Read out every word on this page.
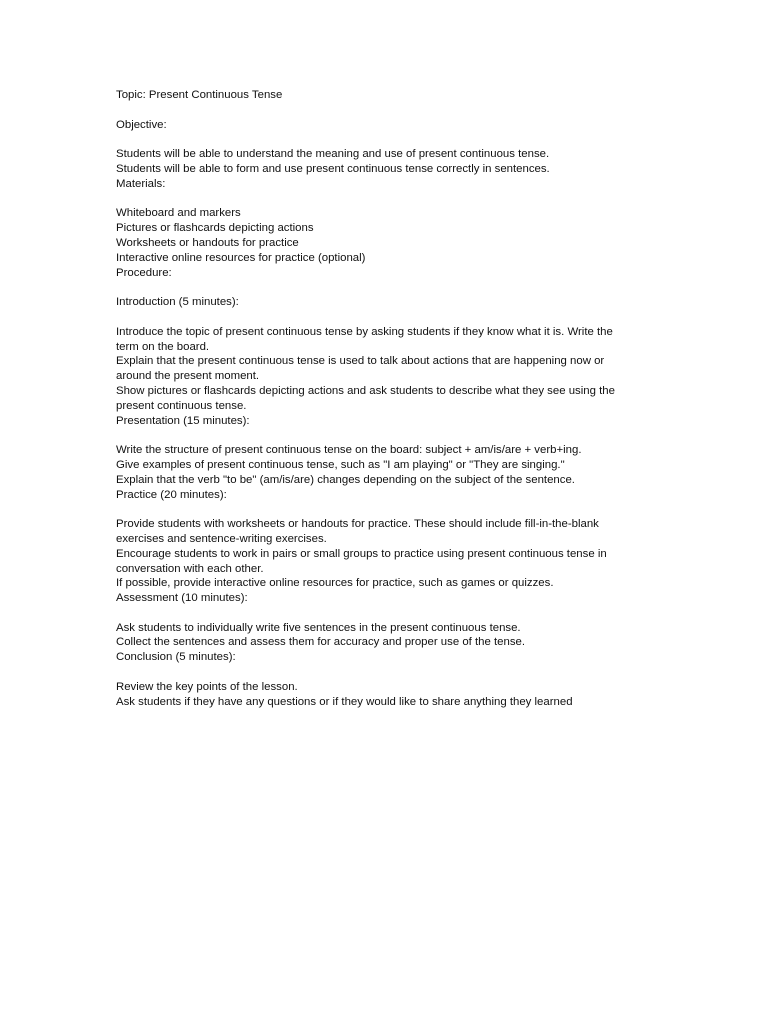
Topic: Present Continuous Tense
Objective:
Students will be able to understand the meaning and use of present continuous tense.
Students will be able to form and use present continuous tense correctly in sentences.
Materials:
Whiteboard and markers
Pictures or flashcards depicting actions
Worksheets or handouts for practice
Interactive online resources for practice (optional)
Procedure:
Introduction (5 minutes):
Introduce the topic of present continuous tense by asking students if they know what it is. Write the
term on the board.
Explain that the present continuous tense is used to talk about actions that are happening now or
around the present moment.
Show pictures or flashcards depicting actions and ask students to describe what they see using the
present continuous tense.
Presentation (15 minutes):
Write the structure of present continuous tense on the board: subject + am/is/are + verb+ing.
Give examples of present continuous tense, such as "I am playing" or "They are singing."
Explain that the verb "to be" (am/is/are) changes depending on the subject of the sentence.
Practice (20 minutes):
Provide students with worksheets or handouts for practice. These should include fill-in-the-blank
exercises and sentence-writing exercises.
Encourage students to work in pairs or small groups to practice using present continuous tense in
conversation with each other.
If possible, provide interactive online resources for practice, such as games or quizzes.
Assessment (10 minutes):
Ask students to individually write five sentences in the present continuous tense.
Collect the sentences and assess them for accuracy and proper use of the tense.
Conclusion (5 minutes):
Review the key points of the lesson.
Ask students if they have any questions or if they would like to share anything they learned
